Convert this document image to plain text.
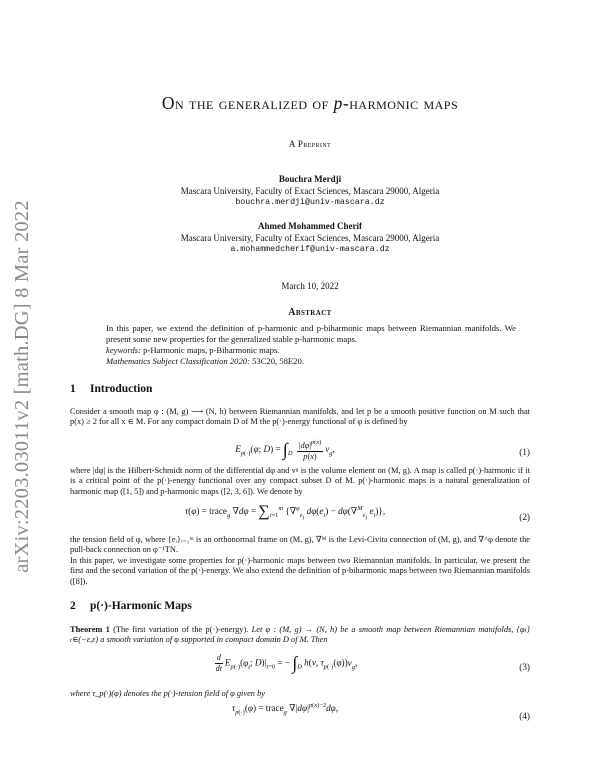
arXiv:2203.03011v2 [math.DG] 8 Mar 2022
On the generalized of p-harmonic maps
A Preprint
Bouchra Merdji
Mascara University, Faculty of Exact Sciences, Mascara 29000, Algeria
bouchra.merdji@univ-mascara.dz
Ahmed Mohammed Cherif
Mascara University, Faculty of Exact Sciences, Mascara 29000, Algeria
a.mohammedcherif@univ-mascara.dz
March 10, 2022
Abstract
In this paper, we extend the definition of p-harmonic and p-biharmonic maps between Riemannian manifolds. We present some new properties for the generalized stable p-harmonic maps.
keywords: p-Harmonic maps, p-Biharmonic maps.
Mathematics Subject Classification 2020: 53C20, 58E20.
1 Introduction
Consider a smooth map φ : (M, g) ⟶ (N, h) between Riemannian manifolds, and let p be a smooth positive function on M such that p(x) ≥ 2 for all x ∈ M. For any compact domain D of M the p(·)-energy functional of φ is defined by
$E_{p(\cdot)}(\varphi$; $D) = \int_D \frac{|d\varphi|^{p(x)}}{p(x)} v_g$,	(1)
where |dφ| is the Hilbert-Schmidt norm of the differential dφ and vᵍ is the volume element on (M, g). A map is called p(·)-harmonic if it is a critical point of the p(·)-energy functional over any compact subset D of M. p(·)-harmonic maps is a natural generalization of harmonic map ([1, 5]) and p-harmonic maps ([2, 3, 6]). We denote by
τ(φ) = trace$_g$ $\nabla d\varphi = \sum_{i=1}^m$ {∇$^\varphi_{e_i}$ $d\varphi(e_i) - d\varphi(\nabla^M_{e_i}$ $e_i$)},
(2)
the tension field of φ, where {eᵢ}ᵢ₌₁ᵐ is an orthonormal frame on (M, g), ∇ᴹ is the Levi-Civita connection of (M, g), and ∇^φ denote the pull-back connection on φ⁻¹TN.
In this paper, we investigate some properties for p(·)-harmonic maps between two Riemannian manifolds. In particular, we present the first and the second variation of the p(·)-energy. We also extend the definition of p-biharmonic maps between two Riemannian manifolds ([8]).
2 p(·)-Harmonic Maps
Theorem 1 (The first variation of the p(·)-energy). Let φ : (M, g) → (N, h) be a smooth map between Riemannian manifolds, {φₜ}ₜ∈(−ε,ε) a smooth variation of φ supported in compact domain D of M. Then
$\frac{d}{dt} E_{p(\cdot)}(\varphi_t$; $D)|_{t=0}$ = − $\int_D$ h(v, $\tau_{p(\cdot)}(\varphi))v_g$,	(3)
where τ_p(·)(φ) denotes the p(·)-tension field of φ given by
$\tau_{p(\cdot)}(\varphi)$ = trace$_g$ $\nabla|d\varphi|^{p(x)-2}d\varphi$,
(4)
